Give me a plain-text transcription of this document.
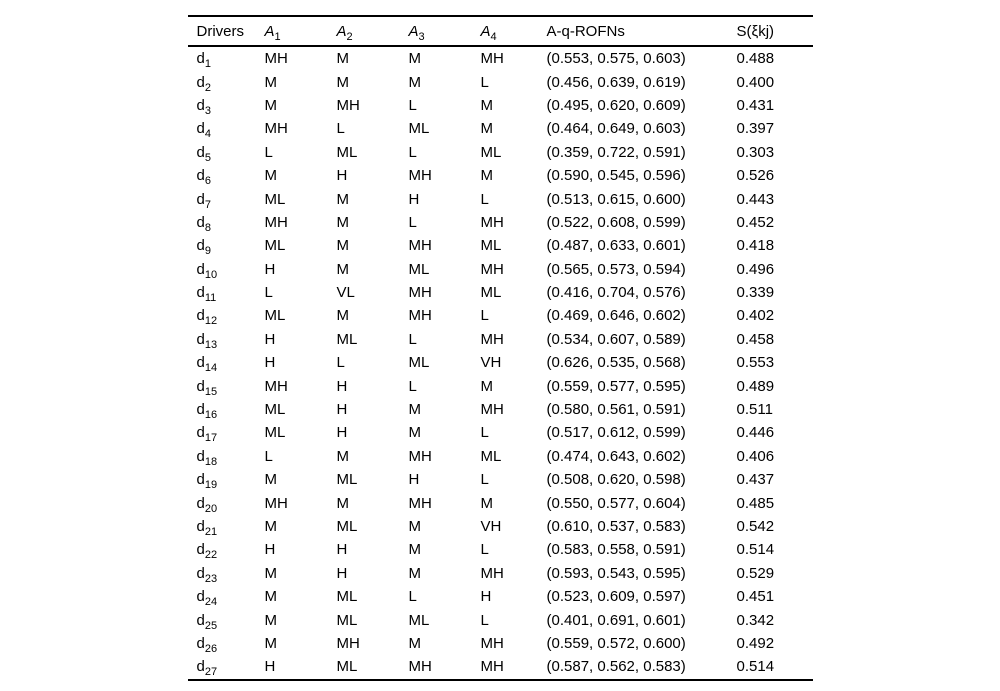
Drivers	$A_1$	$A_2$	$A_3$	$A_4$	A-q-ROFNs	S(ξkj)
$d_1$	MH	M	M	MH	(0.553, 0.575, 0.603)	0.488
$d_2$	M	M	M	L	(0.456, 0.639, 0.619)	0.400
$d_3$	M	MH	L	M	(0.495, 0.620, 0.609)	0.431
$d_4$	MH	L	ML	M	(0.464, 0.649, 0.603)	0.397
$d_5$	L	ML	L	ML	(0.359, 0.722, 0.591)	0.303
$d_6$	M	H	MH	M	(0.590, 0.545, 0.596)	0.526
$d_7$	ML	M	H	L	(0.513, 0.615, 0.600)	0.443
$d_8$	MH	M	L	MH	(0.522, 0.608, 0.599)	0.452
$d_9$	ML	M	MH	ML	(0.487, 0.633, 0.601)	0.418
$d_{10}$	H	M	ML	MH	(0.565, 0.573, 0.594)	0.496
$d_{11}$	L	VL	MH	ML	(0.416, 0.704, 0.576)	0.339
$d_{12}$	ML	M	MH	L	(0.469, 0.646, 0.602)	0.402
$d_{13}$	H	ML	L	MH	(0.534, 0.607, 0.589)	0.458
$d_{14}$	H	L	ML	VH	(0.626, 0.535, 0.568)	0.553
$d_{15}$	MH	H	L	M	(0.559, 0.577, 0.595)	0.489
$d_{16}$	ML	H	M	MH	(0.580, 0.561, 0.591)	0.511
$d_{17}$	ML	H	M	L	(0.517, 0.612, 0.599)	0.446
$d_{18}$	L	M	MH	ML	(0.474, 0.643, 0.602)	0.406
$d_{19}$	M	ML	H	L	(0.508, 0.620, 0.598)	0.437
$d_{20}$	MH	M	MH	M	(0.550, 0.577, 0.604)	0.485
$d_{21}$	M	ML	M	VH	(0.610, 0.537, 0.583)	0.542
$d_{22}$	H	H	M	L	(0.583, 0.558, 0.591)	0.514
$d_{23}$	M	H	M	MH	(0.593, 0.543, 0.595)	0.529
$d_{24}$	M	ML	L	H	(0.523, 0.609, 0.597)	0.451
$d_{25}$	M	ML	ML	L	(0.401, 0.691, 0.601)	0.342
$d_{26}$	M	MH	M	MH	(0.559, 0.572, 0.600)	0.492
$d_{27}$	H	ML	MH	MH	(0.587, 0.562, 0.583)	0.514
